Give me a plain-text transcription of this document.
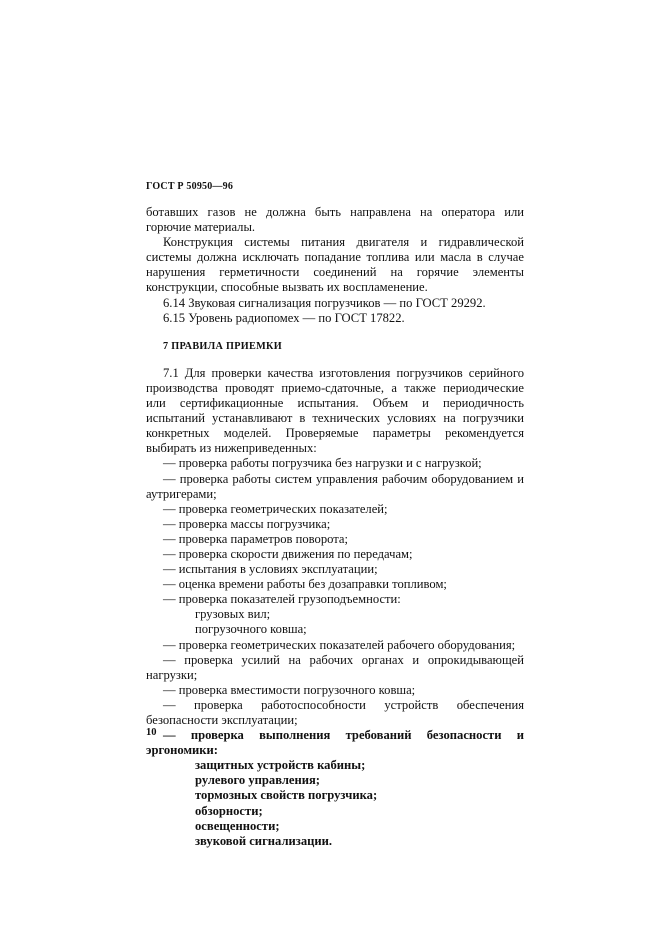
ГОСТ Р 50950—96

ботавших газов не должна быть направлена на оператора или горючие материалы.

Конструкция системы питания двигателя и гидравлической системы должна исключать попадание топлива или масла в случае нарушения герметичности соединений на горячие элементы конструкции, способные вызвать их воспламенение.

6.14 Звуковая сигнализация погрузчиков — по ГОСТ 29292.

6.15 Уровень радиопомех — по ГОСТ 17822.

7 ПРАВИЛА ПРИЕМКИ

7.1 Для проверки качества изготовления погрузчиков серийного производства проводят приемо-сдаточные, а также периодические или сертификационные испытания. Объем и периодичность испытаний устанавливают в технических условиях на погрузчики конкретных моделей. Проверяемые параметры рекомендуется выбирать из нижеприведенных:

— проверка работы погрузчика без нагрузки и с нагрузкой;

— проверка работы систем управления рабочим оборудованием и аутригерами;

— проверка геометрических показателей;

— проверка массы погрузчика;

— проверка параметров поворота;

— проверка скорости движения по передачам;

— испытания в условиях эксплуатации;

— оценка времени работы без дозаправки топливом;

— проверка показателей грузоподъемности:

грузовых вил;

погрузочного ковша;

— проверка геометрических показателей рабочего оборудования;

— проверка усилий на рабочих органах и опрокидывающей нагрузки;

— проверка вместимости погрузочного ковша;

— проверка работоспособности устройств обеспечения безопасности эксплуатации;

— проверка выполнения требований безопасности и эргономики:

защитных устройств кабины;

рулевого управления;

тормозных свойств погрузчика;

обзорности;

освещенности;

звуковой сигнализации.

10
